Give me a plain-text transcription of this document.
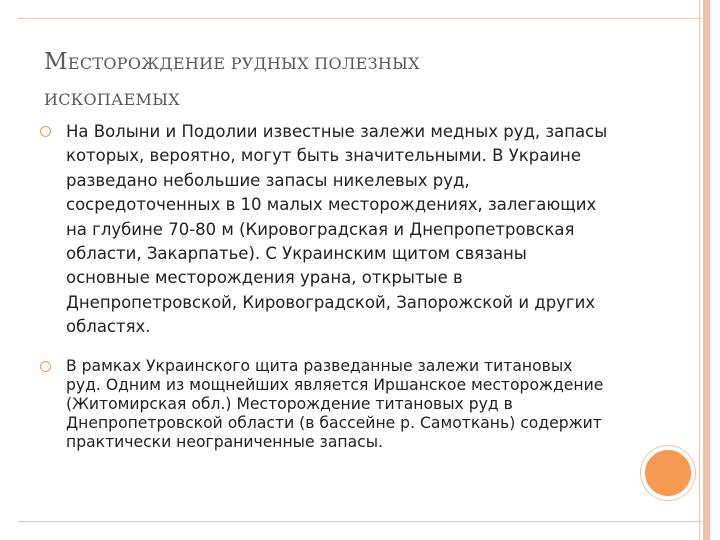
МЕСТОРОЖДЕНИЕ РУДНЫХ ПОЛЕЗНЫХ
ИСКОПАЕМЫХ
На Волыни и Подолии известные залежи медных руд, запасы которых, вероятно, могут быть значительными. В Украине разведано небольшие запасы никелевых руд, сосредоточенных в 10 малых месторождениях, залегающих на глубине 70-80 м (Кировоградская и Днепропетровская области, Закарпатье). С Украинским щитом связаны основные месторождения урана, открытые в Днепропетровской, Кировоградской, Запорожской и других областях.
В рамках Украинского щита разведанные залежи титановых руд. Одним из мощнейших является Иршанское месторождение (Житомирская обл.) Месторождение титановых руд в Днепропетровской области (в бассейне р. Самоткань) содержит практически неограниченные запасы.
